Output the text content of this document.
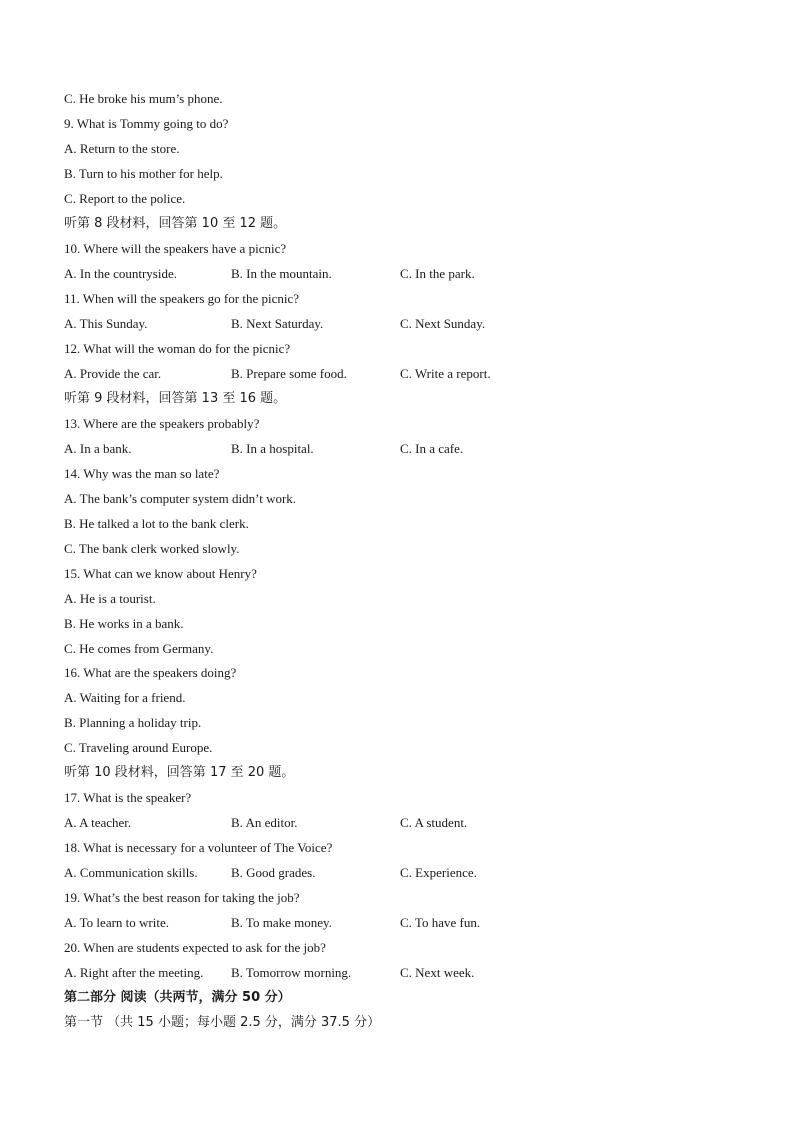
C. He broke his mum’s phone.
9. What is Tommy going to do?
A. Return to the store.
B. Turn to his mother for help.
C. Report to the police.
听第 8 段材料，回答第 10 至 12 题。
10. Where will the speakers have a picnic?
A. In the countryside.	B. In the mountain.	C. In the park.
11. When will the speakers go for the picnic?
A. This Sunday.	B. Next Saturday.	C. Next Sunday.
12. What will the woman do for the picnic?
A. Provide the car.	B. Prepare some food.	C. Write a report.
听第 9 段材料，回答第 13 至 16 题。
13. Where are the speakers probably?
A. In a bank.	B. In a hospital.	C. In a cafe.
14. Why was the man so late?
A. The bank’s computer system didn’t work.
B. He talked a lot to the bank clerk.
C. The bank clerk worked slowly.
15. What can we know about Henry?
A. He is a tourist.
B. He works in a bank.
C. He comes from Germany.
16. What are the speakers doing?
A. Waiting for a friend.
B. Planning a holiday trip.
C. Traveling around Europe.
听第 10 段材料，回答第 17 至 20 题。
17. What is the speaker?
A. A teacher.	B. An editor.	C. A student.
18. What is necessary for a volunteer of The Voice?
A. Communication skills.	B. Good grades.	C. Experience.
19. What’s the best reason for taking the job?
A. To learn to write.	B. To make money.	C. To have fun.
20. When are students expected to ask for the job?
A. Right after the meeting. B. Tomorrow morning.	C. Next week.
第二部分 阅读（共两节，满分 50 分）
第一节 （共 15 小题；每小题 2.5 分，满分 37.5 分）
